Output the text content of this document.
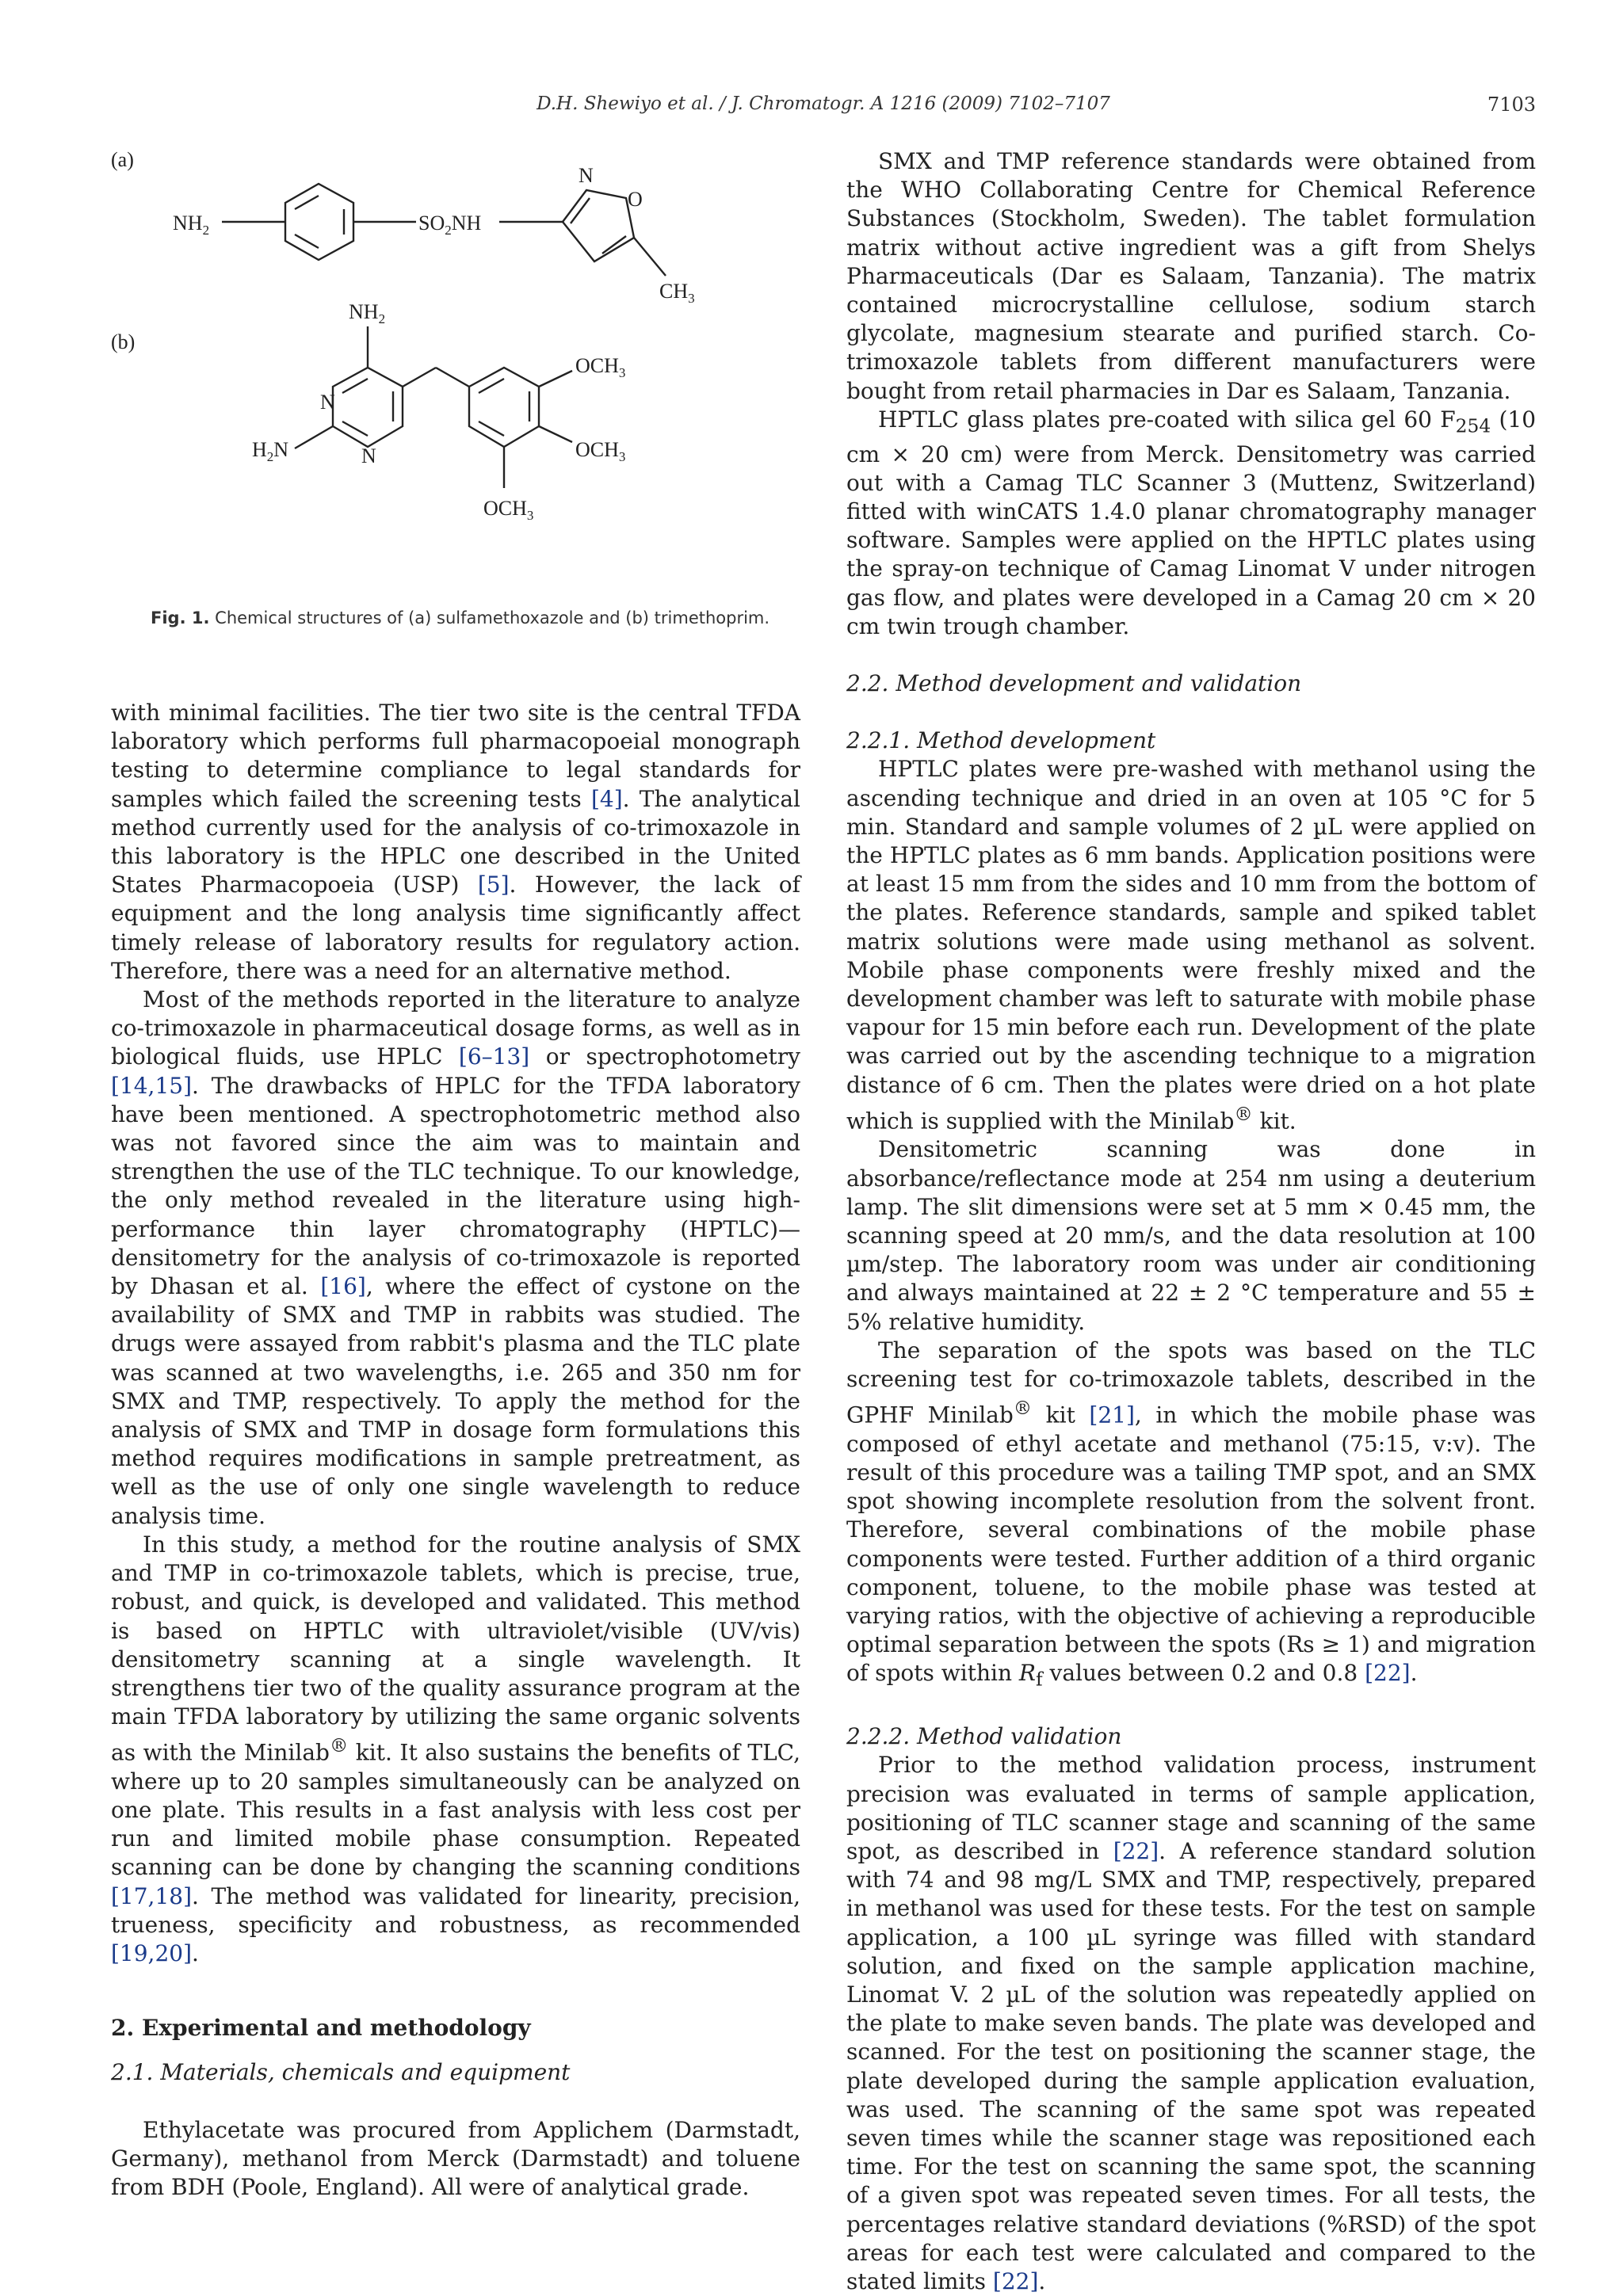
D.H. Shewiyo et al. / J. Chromatogr. A 1216 (2009) 7102–7107	7103
(a)
$NH_2$	$SO_2NH$
N
O
$CH_3$
(b)
$NH_2$
$OCH_3$
$OCH_3$
$OCH_3$
N
N
$H_2N$
Fig. 1. Chemical structures of (a) sulfamethoxazole and (b) trimethoprim.

with minimal facilities. The tier two site is the central TFDA laboratory which performs full pharmacopoeial monograph testing to determine compliance to legal standards for samples which failed the screening tests [4]. The analytical method currently used for the analysis of co-trimoxazole in this laboratory is the HPLC one described in the United States Pharmacopoeia (USP) [5]. However, the lack of equipment and the long analysis time significantly affect timely release of laboratory results for regulatory action. Therefore, there was a need for an alternative method.

Most of the methods reported in the literature to analyze co-trimoxazole in pharmaceutical dosage forms, as well as in biological fluids, use HPLC [6–13] or spectrophotometry [14,15]. The drawbacks of HPLC for the TFDA laboratory have been mentioned. A spectrophotometric method also was not favored since the aim was to maintain and strengthen the use of the TLC technique. To our knowledge, the only method revealed in the literature using high-performance thin layer chromatography (HPTLC)—densitometry for the analysis of co-trimoxazole is reported by Dhasan et al. [16], where the effect of cystone on the availability of SMX and TMP in rabbits was studied. The drugs were assayed from rabbit's plasma and the TLC plate was scanned at two wavelengths, i.e. 265 and 350 nm for SMX and TMP, respectively. To apply the method for the analysis of SMX and TMP in dosage form formulations this method requires modifications in sample pretreatment, as well as the use of only one single wavelength to reduce analysis time.

In this study, a method for the routine analysis of SMX and TMP in co-trimoxazole tablets, which is precise, true, robust, and quick, is developed and validated. This method is based on HPTLC with ultraviolet/visible (UV/vis) densitometry scanning at a single wavelength. It strengthens tier two of the quality assurance program at the main TFDA laboratory by utilizing the same organic solvents as with the Minilab® kit. It also sustains the benefits of TLC, where up to 20 samples simultaneously can be analyzed on one plate. This results in a fast analysis with less cost per run and limited mobile phase consumption. Repeated scanning can be done by changing the scanning conditions [17,18]. The method was validated for linearity, precision, trueness, specificity and robustness, as recommended [19,20].

2. Experimental and methodology

2.1. Materials, chemicals and equipment

Ethylacetate was procured from Applichem (Darmstadt, Germany), methanol from Merck (Darmstadt) and toluene from BDH (Poole, England). All were of analytical grade.

SMX and TMP reference standards were obtained from the WHO Collaborating Centre for Chemical Reference Substances (Stockholm, Sweden). The tablet formulation matrix without active ingredient was a gift from Shelys Pharmaceuticals (Dar es Salaam, Tanzania). The matrix contained microcrystalline cellulose, sodium starch glycolate, magnesium stearate and purified starch. Co-trimoxazole tablets from different manufacturers were bought from retail pharmacies in Dar es Salaam, Tanzania.

HPTLC glass plates pre-coated with silica gel 60 $F_{254}$ (10 cm × 20 cm) were from Merck. Densitometry was carried out with a Camag TLC Scanner 3 (Muttenz, Switzerland) fitted with winCATS 1.4.0 planar chromatography manager software. Samples were applied on the HPTLC plates using the spray-on technique of Camag Linomat V under nitrogen gas flow, and plates were developed in a Camag 20 cm × 20 cm twin trough chamber.

2.2. Method development and validation

2.2.1. Method development

HPTLC plates were pre-washed with methanol using the ascending technique and dried in an oven at 105 °C for 5 min. Standard and sample volumes of 2 µL were applied on the HPTLC plates as 6 mm bands. Application positions were at least 15 mm from the sides and 10 mm from the bottom of the plates. Reference standards, sample and spiked tablet matrix solutions were made using methanol as solvent. Mobile phase components were freshly mixed and the development chamber was left to saturate with mobile phase vapour for 15 min before each run. Development of the plate was carried out by the ascending technique to a migration distance of 6 cm. Then the plates were dried on a hot plate which is supplied with the Minilab® kit.

Densitometric scanning was done in absorbance/reflectance mode at 254 nm using a deuterium lamp. The slit dimensions were set at 5 mm × 0.45 mm, the scanning speed at 20 mm/s, and the data resolution at 100 µm/step. The laboratory room was under air conditioning and always maintained at 22 ± 2 °C temperature and 55 ± 5% relative humidity.

The separation of the spots was based on the TLC screening test for co-trimoxazole tablets, described in the GPHF Minilab® kit [21], in which the mobile phase was composed of ethyl acetate and methanol (75:15, v:v). The result of this procedure was a tailing TMP spot, and an SMX spot showing incomplete resolution from the solvent front. Therefore, several combinations of the mobile phase components were tested. Further addition of a third organic component, toluene, to the mobile phase was tested at varying ratios, with the objective of achieving a reproducible optimal separation between the spots (Rs ≥ 1) and migration of spots within $R_f$ values between 0.2 and 0.8 [22].

2.2.2. Method validation

Prior to the method validation process, instrument precision was evaluated in terms of sample application, positioning of TLC scanner stage and scanning of the same spot, as described in [22]. A reference standard solution with 74 and 98 mg/L SMX and TMP, respectively, prepared in methanol was used for these tests. For the test on sample application, a 100 µL syringe was filled with standard solution, and fixed on the sample application machine, Linomat V. 2 µL of the solution was repeatedly applied on the plate to make seven bands. The plate was developed and scanned. For the test on positioning the scanner stage, the plate developed during the sample application evaluation, was used. The scanning of the same spot was repeated seven times while the scanner stage was repositioned each time. For the test on scanning the same spot, the scanning of a given spot was repeated seven times. For all tests, the percentages relative standard deviations (%RSD) of the spot areas for each test were calculated and compared to the stated limits [22].
